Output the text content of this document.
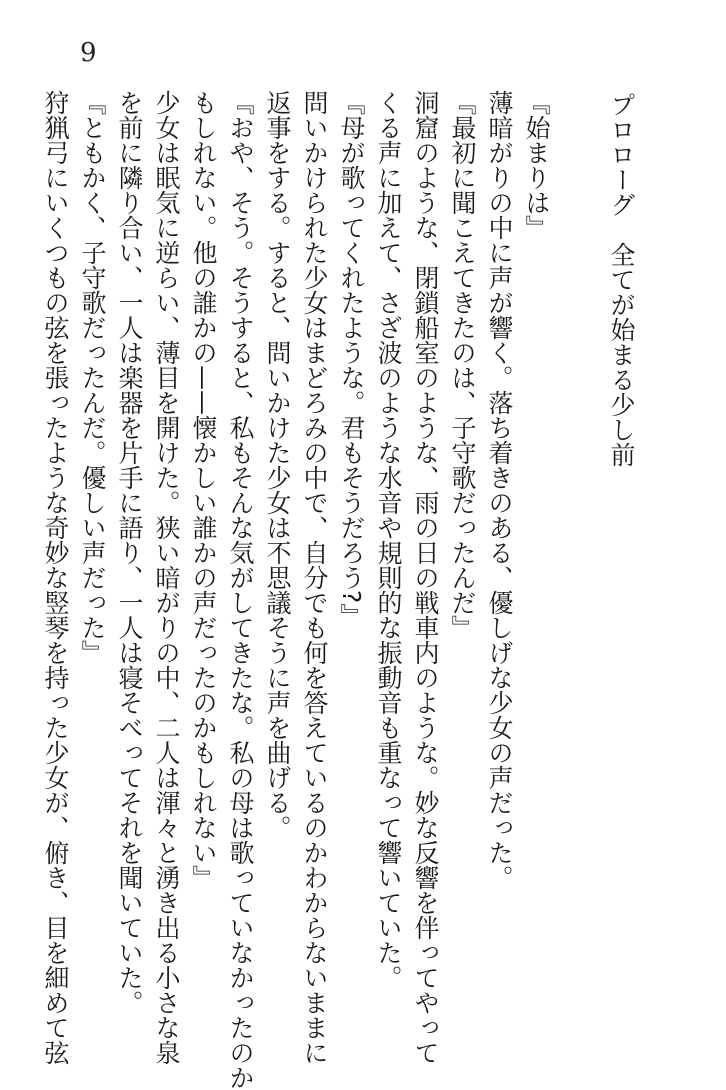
9
プロローグ全てが始まる少し前
『始まりは』
薄暗がりの中に声が響く。落ち着きのある、優しげな少女の声だった。
『最初に聞こえてきたのは、子守歌だったんだ』
洞窟のような、閉鎖船室のような、雨の日の戦車内のような。妙な反響を伴ってやって
くる声に加えて、さざ波のような水音や規則的な振動音も重なって響いていた。
『母が歌ってくれたような。君もそうだろう?』
問いかけられた少女はまどろみの中で、自分でも何を答えているのかわからないままに
返事をする。すると、問いかけた少女は不思議そうに声を曲げる。
『おや、そう。そうすると、私もそんな気がしてきたな。私の母は歌っていなかったのか
もしれない。他の誰かの——懐かしい誰かの声だったのかもしれない』
少女は眠気に逆らい、薄目を開けた。狭い暗がりの中、二人は渾々と湧き出る小さな泉
を前に隣り合い、一人は楽器を片手に語り、一人は寝そべってそれを聞いていた。
『ともかく、子守歌だったんだ。優しい声だった』
狩猟弓にいくつもの弦を張ったような奇妙な竪琴を持った少女が、俯き、目を細めて弦
